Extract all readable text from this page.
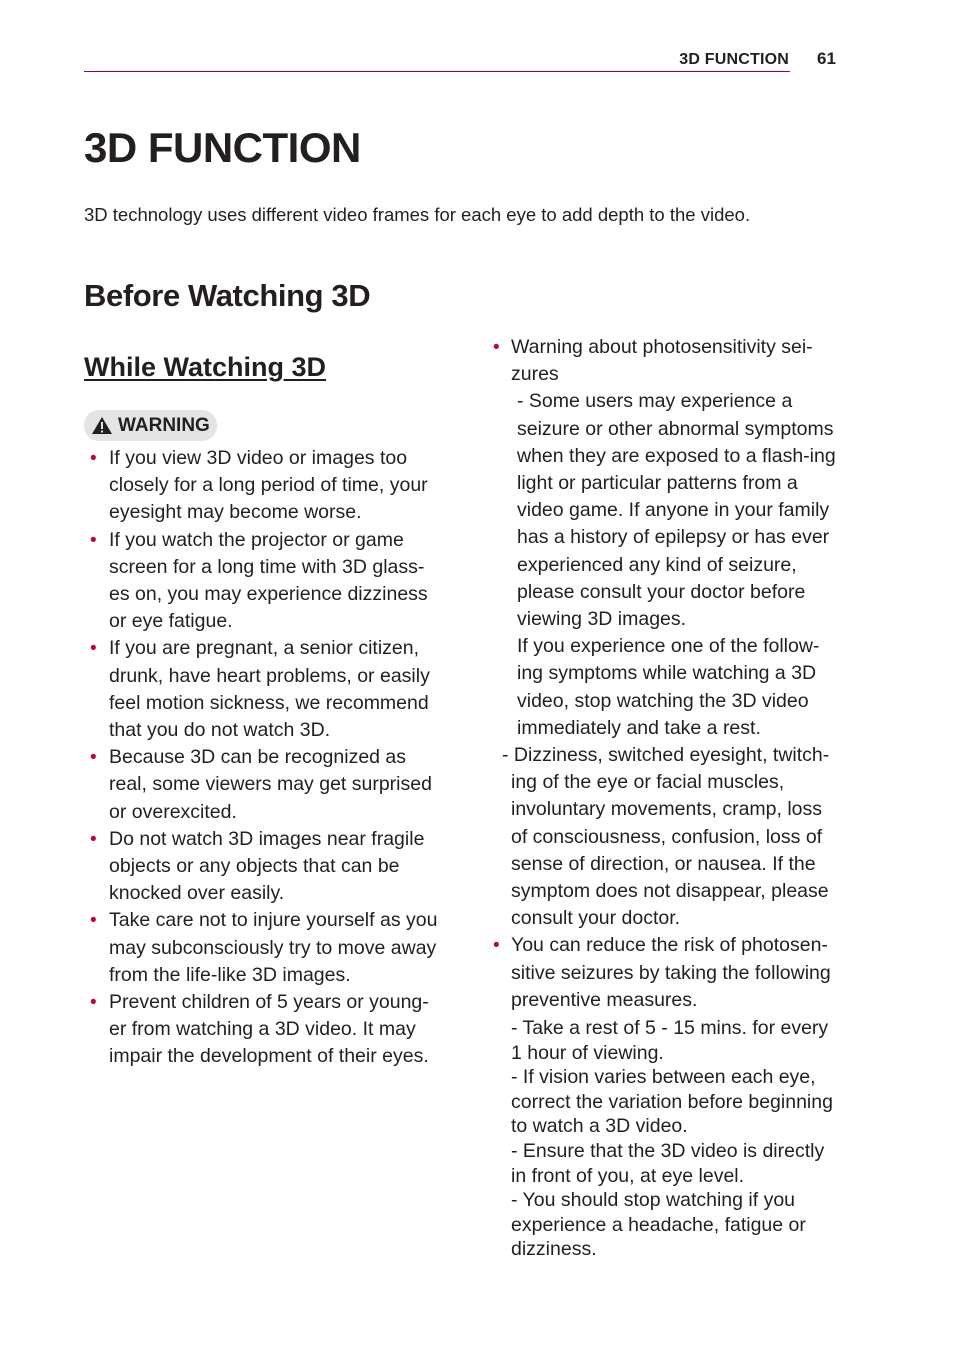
3D FUNCTION 61
3D FUNCTION

3D technology uses different video frames for each eye to add depth to the video.

Before Watching 3D
While Watching 3D
WARNING
• If you view 3D video or images too closely for a long period of time, your eyesight may become worse.
• If you watch the projector or game screen for a long time with 3D glass-es on, you may experience dizziness or eye fatigue.
• If you are pregnant, a senior citizen, drunk, have heart problems, or easily feel motion sickness, we recommend that you do not watch 3D.
• Because 3D can be recognized as real, some viewers may get surprised or overexcited.
• Do not watch 3D images near fragile objects or any objects that can be knocked over easily.
• Take care not to injure yourself as you may subconsciously try to move away from the life-like 3D images.
• Prevent children of 5 years or young-er from watching a 3D video. It may impair the development of their eyes.
• Warning about photosensitivity sei-zures
- Some users may experience a seizure or other abnormal symptoms when they are exposed to a flash-ing light or particular patterns from a video game. If anyone in your family has a history of epilepsy or has ever experienced any kind of seizure, please consult your doctor before viewing 3D images.
If you experience one of the follow-ing symptoms while watching a 3D video, stop watching the 3D video immediately and take a rest.
- Dizziness, switched eyesight, twitch-
ing of the eye or facial muscles, involuntary movements, cramp, loss of consciousness, confusion, loss of sense of direction, or nausea. If the symptom does not disappear, please consult your doctor.
• You can reduce the risk of photosen-sitive seizures by taking the following preventive measures.
- Take a rest of 5 - 15 mins. for every 1 hour of viewing.
- If vision varies between each eye, correct the variation before beginning to watch a 3D video.
- Ensure that the 3D video is directly in front of you, at eye level.
- You should stop watching if you experience a headache, fatigue or dizziness.
